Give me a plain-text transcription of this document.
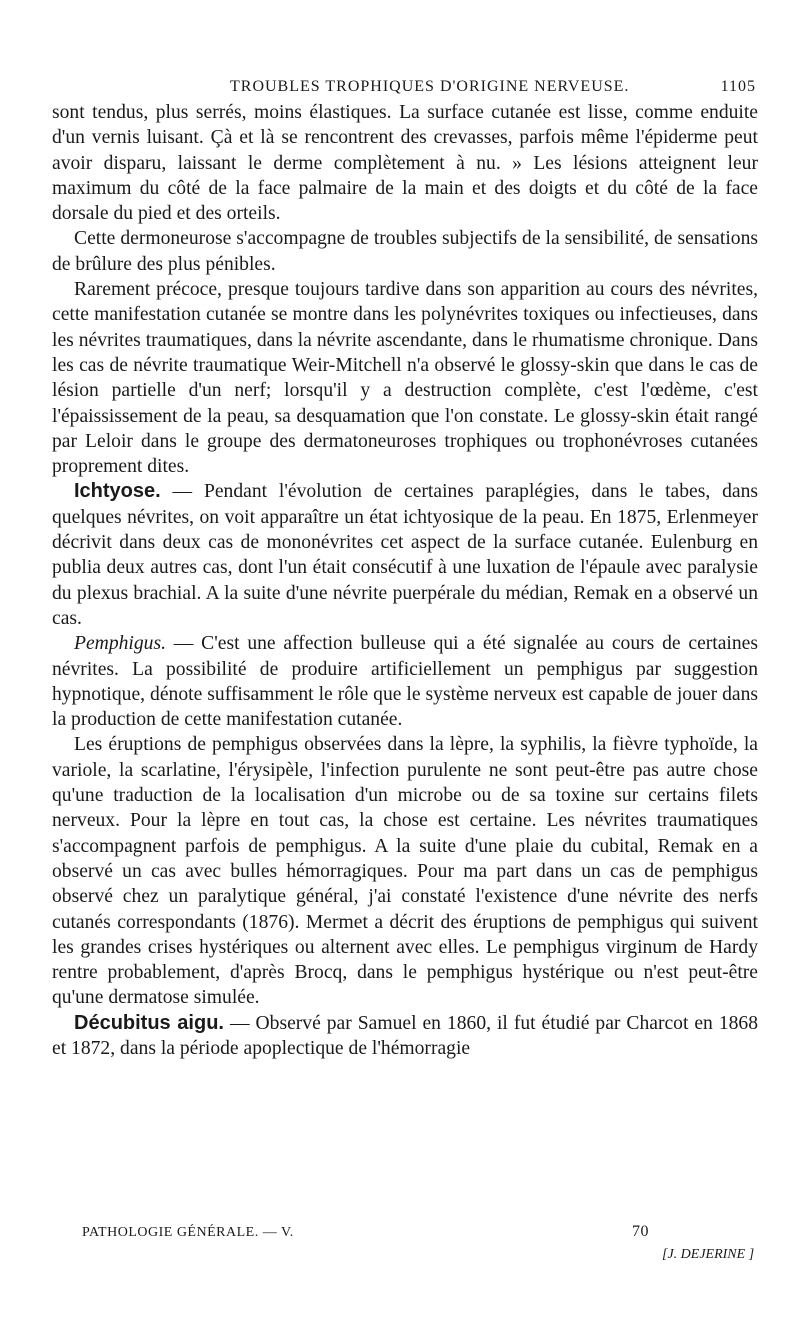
TROUBLES TROPHIQUES D'ORIGINE NERVEUSE.	1105

sont tendus, plus serrés, moins élastiques. La surface cutanée est lisse, comme enduite d'un vernis luisant. Çà et là se rencontrent des crevasses, parfois même l'épiderme peut avoir disparu, laissant le derme complètement à nu. » Les lésions atteignent leur maximum du côté de la face palmaire de la main et des doigts et du côté de la face dorsale du pied et des orteils.

Cette dermoneurose s'accompagne de troubles subjectifs de la sensibilité, de sensations de brûlure des plus pénibles.

Rarement précoce, presque toujours tardive dans son apparition au cours des névrites, cette manifestation cutanée se montre dans les polynévrites toxiques ou infectieuses, dans les névrites traumatiques, dans la névrite ascendante, dans le rhumatisme chronique. Dans les cas de névrite traumatique Weir-Mitchell n'a observé le glossy-skin que dans le cas de lésion partielle d'un nerf; lorsqu'il y a destruction complète, c'est l'œdème, c'est l'épaississement de la peau, sa desquamation que l'on constate. Le glossy-skin était rangé par Leloir dans le groupe des dermatoneuroses trophiques ou trophonévroses cutanées proprement dites.

Ichtyose. — Pendant l'évolution de certaines paraplégies, dans le tabes, dans quelques névrites, on voit apparaître un état ichtyosique de la peau. En 1875, Erlenmeyer décrivit dans deux cas de mononévrites cet aspect de la surface cutanée. Eulenburg en publia deux autres cas, dont l'un était consécutif à une luxation de l'épaule avec paralysie du plexus brachial. A la suite d'une névrite puerpérale du médian, Remak en a observé un cas.

Pemphigus. — C'est une affection bulleuse qui a été signalée au cours de certaines névrites. La possibilité de produire artificiellement un pemphigus par suggestion hypnotique, dénote suffisamment le rôle que le système nerveux est capable de jouer dans la production de cette manifestation cutanée.

Les éruptions de pemphigus observées dans la lèpre, la syphilis, la fièvre typhoïde, la variole, la scarlatine, l'érysipèle, l'infection purulente ne sont peut-être pas autre chose qu'une traduction de la localisation d'un microbe ou de sa toxine sur certains filets nerveux. Pour la lèpre en tout cas, la chose est certaine. Les névrites traumatiques s'accompagnent parfois de pemphigus. A la suite d'une plaie du cubital, Remak en a observé un cas avec bulles hémorragiques. Pour ma part dans un cas de pemphigus observé chez un paralytique général, j'ai constaté l'existence d'une névrite des nerfs cutanés correspondants (1876). Mermet a décrit des éruptions de pemphigus qui suivent les grandes crises hystériques ou alternent avec elles. Le pemphigus virginum de Hardy rentre probablement, d'après Brocq, dans le pemphigus hystérique ou n'est peut-être qu'une dermatose simulée.

Décubitus aigu. — Observé par Samuel en 1860, il fut étudié par Charcot en 1868 et 1872, dans la période apoplectique de l'hémorragie

PATHOLOGIE GÉNÉRALE. — V.	70
[J. DEJERINE ]
